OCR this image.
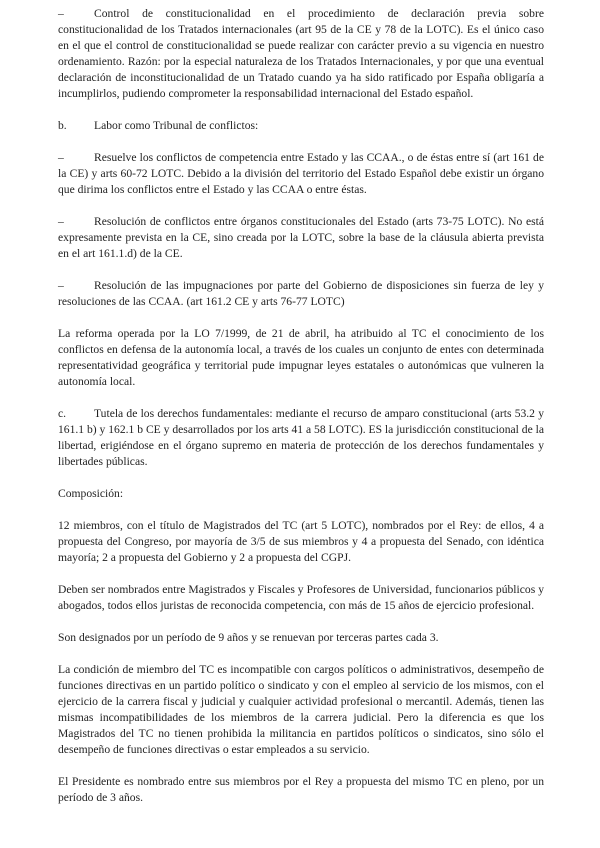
–	Control de constitucionalidad en el procedimiento de declaración previa sobre constitucionalidad de los Tratados internacionales (art 95 de la CE y 78 de la LOTC). Es el único caso en el que el control de constitucionalidad se puede realizar con carácter previo a su vigencia en nuestro ordenamiento. Razón: por la especial naturaleza de los Tratados Internacionales, y por que una eventual declaración de inconstitucionalidad de un Tratado cuando ya ha sido ratificado por España obligaría a incumplirlos, pudiendo comprometer la responsabilidad internacional del Estado español.

b. Labor como Tribunal de conflictos:

–	Resuelve los conflictos de competencia entre Estado y las CCAA., o de éstas entre sí (art 161 de la CE) y arts 60-72 LOTC. Debido a la división del territorio del Estado Español debe existir un órgano que dirima los conflictos entre el Estado y las CCAA o entre éstas.

–	Resolución de conflictos entre órganos constitucionales del Estado (arts 73-75 LOTC). No está expresamente prevista en la CE, sino creada por la LOTC, sobre la base de la cláusula abierta prevista en el art 161.1.d) de la CE.

–	Resolución de las impugnaciones por parte del Gobierno de disposiciones sin fuerza de ley y resoluciones de las CCAA. (art 161.2 CE y arts 76-77 LOTC)

La reforma operada por la LO 7/1999, de 21 de abril, ha atribuido al TC el conocimiento de los conflictos en defensa de la autonomía local, a través de los cuales un conjunto de entes con determinada representatividad geográfica y territorial pude impugnar leyes estatales o autonómicas que vulneren la autonomía local.

c. Tutela de los derechos fundamentales: mediante el recurso de amparo constitucional (arts 53.2 y 161.1 b) y 162.1 b CE y desarrollados por los arts 41 a 58 LOTC). ES la jurisdicción constitucional de la libertad, erigiéndose en el órgano supremo en materia de protección de los derechos fundamentales y libertades públicas.

Composición:

12 miembros, con el título de Magistrados del TC (art 5 LOTC), nombrados por el Rey: de ellos, 4 a propuesta del Congreso, por mayoría de 3/5 de sus miembros y 4 a propuesta del Senado, con idéntica mayoría; 2 a propuesta del Gobierno y 2 a propuesta del CGPJ.

Deben ser nombrados entre Magistrados y Fiscales y Profesores de Universidad, funcionarios públicos y abogados, todos ellos juristas de reconocida competencia, con más de 15 años de ejercicio profesional.

Son designados por un período de 9 años y se renuevan por terceras partes cada 3.

La condición de miembro del TC es incompatible con cargos políticos o administrativos, desempeño de funciones directivas en un partido político o sindicato y con el empleo al servicio de los mismos, con el ejercicio de la carrera fiscal y judicial y cualquier actividad profesional o mercantil. Además, tienen las mismas incompatibilidades de los miembros de la carrera judicial. Pero la diferencia es que los Magistrados del TC no tienen prohibida la militancia en partidos políticos o sindicatos, sino sólo el desempeño de funciones directivas o estar empleados a su servicio.

El Presidente es nombrado entre sus miembros por el Rey a propuesta del mismo TC en pleno, por un período de 3 años.
